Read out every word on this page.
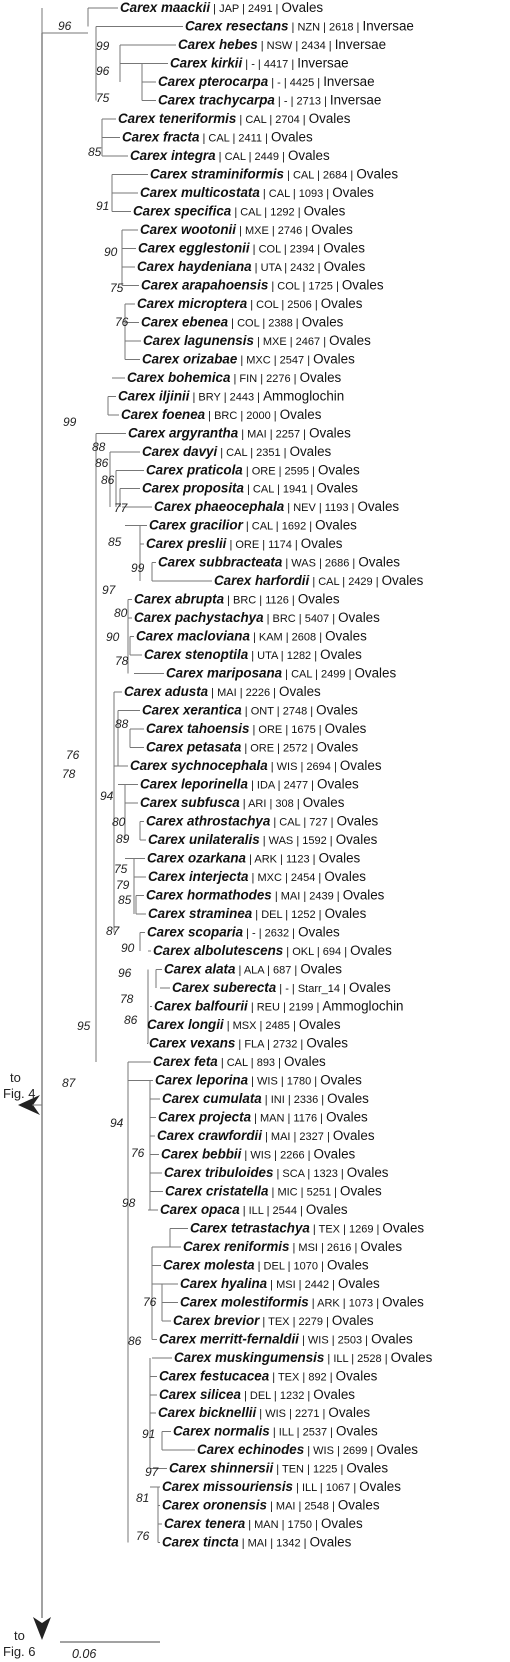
Carex maackii | JAP | 2491 | Ovales
Carex resectans | NZN | 2618 | Inversae
Carex hebes | NSW | 2434 | Inversae
Carex kirkii | - | 4417 | Inversae
Carex pterocarpa | - | 4425 | Inversae
Carex trachycarpa | - | 2713 | Inversae
Carex teneriformis | CAL | 2704 | Ovales
Carex fracta | CAL | 2411 | Ovales
Carex integra | CAL | 2449 | Ovales
Carex straminiformis | CAL | 2684 | Ovales
Carex multicostata | CAL | 1093 | Ovales
Carex specifica | CAL | 1292 | Ovales
Carex wootonii | MXE | 2746 | Ovales
Carex egglestonii | COL | 2394 | Ovales
Carex haydeniana | UTA | 2432 | Ovales
Carex arapahoensis | COL | 1725 | Ovales
Carex microptera | COL | 2506 | Ovales
Carex ebenea | COL | 2388 | Ovales
Carex lagunensis | MXE | 2467 | Ovales
Carex orizabae | MXC | 2547 | Ovales
Carex bohemica | FIN | 2276 | Ovales
Carex iljinii | BRY | 2443 | Ammoglochin
Carex foenea | BRC | 2000 | Ovales
Carex argyrantha | MAI | 2257 | Ovales
Carex davyi | CAL | 2351 | Ovales
Carex praticola | ORE | 2595 | Ovales
Carex proposita | CAL | 1941 | Ovales
Carex phaeocephala | NEV | 1193 | Ovales
Carex gracilior | CAL | 1692 | Ovales
Carex preslii | ORE | 1174 | Ovales
Carex subbracteata | WAS | 2686 | Ovales
Carex harfordii | CAL | 2429 | Ovales
Carex abrupta | BRC | 1126 | Ovales
Carex pachystachya | BRC | 5407 | Ovales
Carex macloviana | KAM | 2608 | Ovales
Carex stenoptila | UTA | 1282 | Ovales
Carex mariposana | CAL | 2499 | Ovales
Carex adusta | MAI | 2226 | Ovales
Carex xerantica | ONT | 2748 | Ovales
Carex tahoensis | ORE | 1675 | Ovales
Carex petasata | ORE | 2572 | Ovales
Carex sychnocephala | WIS | 2694 | Ovales
Carex leporinella | IDA | 2477 | Ovales
Carex subfusca | ARI | 308 | Ovales
Carex athrostachya | CAL | 727 | Ovales
Carex unilateralis | WAS | 1592 | Ovales
Carex ozarkana | ARK | 1123 | Ovales
Carex interjecta | MXC | 2454 | Ovales
Carex hormathodes | MAI | 2439 | Ovales
Carex straminea | DEL | 1252 | Ovales
Carex scoparia | - | 2632 | Ovales
Carex albolutescens | OKL | 694 | Ovales
Carex alata | ALA | 687 | Ovales
Carex suberecta | - | Starr_14 | Ovales
Carex balfourii | REU | 2199 | Ammoglochin
Carex longii | MSX | 2485 | Ovales
Carex vexans | FLA | 2732 | Ovales
Carex feta | CAL | 893 | Ovales
Carex leporina | WIS | 1780 | Ovales
Carex cumulata | INI | 2336 | Ovales
Carex projecta | MAN | 1176 | Ovales
Carex crawfordii | MAI | 2327 | Ovales
Carex bebbii | WIS | 2266 | Ovales
Carex tribuloides | SCA | 1323 | Ovales
Carex cristatella | MIC | 5251 | Ovales
Carex opaca | ILL | 2544 | Ovales
Carex tetrastachya | TEX | 1269 | Ovales
Carex reniformis | MSI | 2616 | Ovales
Carex molesta | DEL | 1070 | Ovales
Carex hyalina | MSI | 2442 | Ovales
Carex molestiformis | ARK | 1073 | Ovales
Carex brevior | TEX | 2279 | Ovales
Carex merritt-fernaldii | WIS | 2503 | Ovales
Carex muskingumensis | ILL | 2528 | Ovales
Carex festucacea | TEX | 892 | Ovales
Carex silicea | DEL | 1232 | Ovales
Carex bicknellii | WIS | 2271 | Ovales
Carex normalis | ILL | 2537 | Ovales
Carex echinodes | WIS | 2699 | Ovales
Carex shinnersii | TEN | 1225 | Ovales
Carex missouriensis | ILL | 1067 | Ovales
Carex oronensis | MAI | 2548 | Ovales
Carex tenera | MAN | 1750 | Ovales
Carex tincta | MAI | 1342 | Ovales
96
99
96
75
85
91
90
75
76
99
88
86
86
77
85
99
97
80
90
78
88
76
78
94
80
89
75
79
85
87
90
96
78
86
95
94
76
98
76
86
91
97
81
76
87
to
Fig. 4
to
Fig. 6	0.06
